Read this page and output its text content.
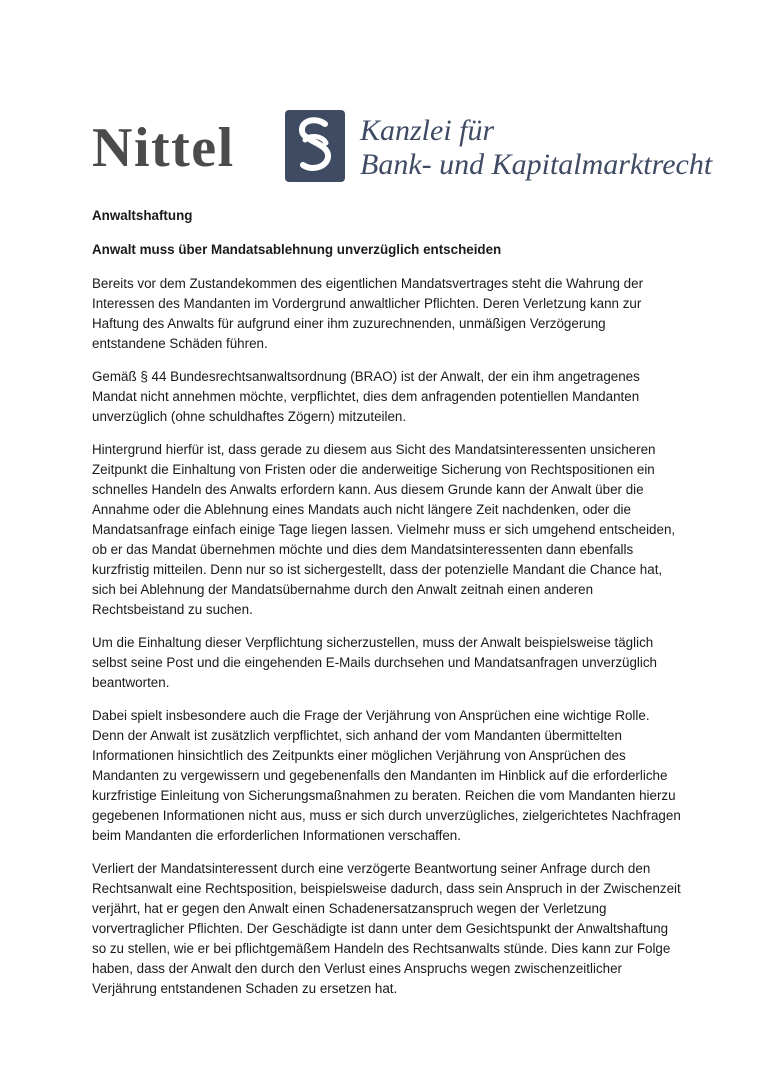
Nittel	Kanzlei für
Bank- und Kapitalmarktrecht

Anwaltshaftung

Anwalt muss über Mandatsablehnung unverzüglich entscheiden

Bereits vor dem Zustandekommen des eigentlichen Mandatsvertrages steht die Wahrung der Interessen des Mandanten im Vordergrund anwaltlicher Pflichten. Deren Verletzung kann zur Haftung des Anwalts für aufgrund einer ihm zuzurechnenden, unmäßigen Verzögerung entstandene Schäden führen.

Gemäß § 44 Bundesrechtsanwaltsordnung (BRAO) ist der Anwalt, der ein ihm angetragenes Mandat nicht annehmen möchte, verpflichtet, dies dem anfragenden potentiellen Mandanten unverzüglich (ohne schuldhaftes Zögern) mitzuteilen.

Hintergrund hierfür ist, dass gerade zu diesem aus Sicht des Mandatsinteressenten unsicheren Zeitpunkt die Einhaltung von Fristen oder die anderweitige Sicherung von Rechtspositionen ein schnelles Handeln des Anwalts erfordern kann. Aus diesem Grunde kann der Anwalt über die Annahme oder die Ablehnung eines Mandats auch nicht längere Zeit nachdenken, oder die Mandatsanfrage einfach einige Tage liegen lassen. Vielmehr muss er sich umgehend entscheiden, ob er das Mandat übernehmen möchte und dies dem Mandatsinteressenten dann ebenfalls kurzfristig mitteilen. Denn nur so ist sichergestellt, dass der potenzielle Mandant die Chance hat, sich bei Ablehnung der Mandatsübernahme durch den Anwalt zeitnah einen anderen Rechtsbeistand zu suchen.

Um die Einhaltung dieser Verpflichtung sicherzustellen, muss der Anwalt beispielsweise täglich selbst seine Post und die eingehenden E-Mails durchsehen und Mandatsanfragen unverzüglich beantworten.

Dabei spielt insbesondere auch die Frage der Verjährung von Ansprüchen eine wichtige Rolle. Denn der Anwalt ist zusätzlich verpflichtet, sich anhand der vom Mandanten übermittelten Informationen hinsichtlich des Zeitpunkts einer möglichen Verjährung von Ansprüchen des Mandanten zu vergewissern und gegebenenfalls den Mandanten im Hinblick auf die erforderliche kurzfristige Einleitung von Sicherungsmaßnahmen zu beraten. Reichen die vom Mandanten hierzu gegebenen Informationen nicht aus, muss er sich durch unverzügliches, zielgerichtetes Nachfragen beim Mandanten die erforderlichen Informationen verschaffen.

Verliert der Mandatsinteressent durch eine verzögerte Beantwortung seiner Anfrage durch den Rechtsanwalt eine Rechtsposition, beispielsweise dadurch, dass sein Anspruch in der Zwischenzeit verjährt, hat er gegen den Anwalt einen Schadenersatzanspruch wegen der Verletzung vorvertraglicher Pflichten. Der Geschädigte ist dann unter dem Gesichtspunkt der Anwaltshaftung so zu stellen, wie er bei pflichtgemäßem Handeln des Rechtsanwalts stünde. Dies kann zur Folge haben, dass der Anwalt den durch den Verlust eines Anspruchs wegen zwischenzeitlicher Verjährung entstandenen Schaden zu ersetzen hat.
